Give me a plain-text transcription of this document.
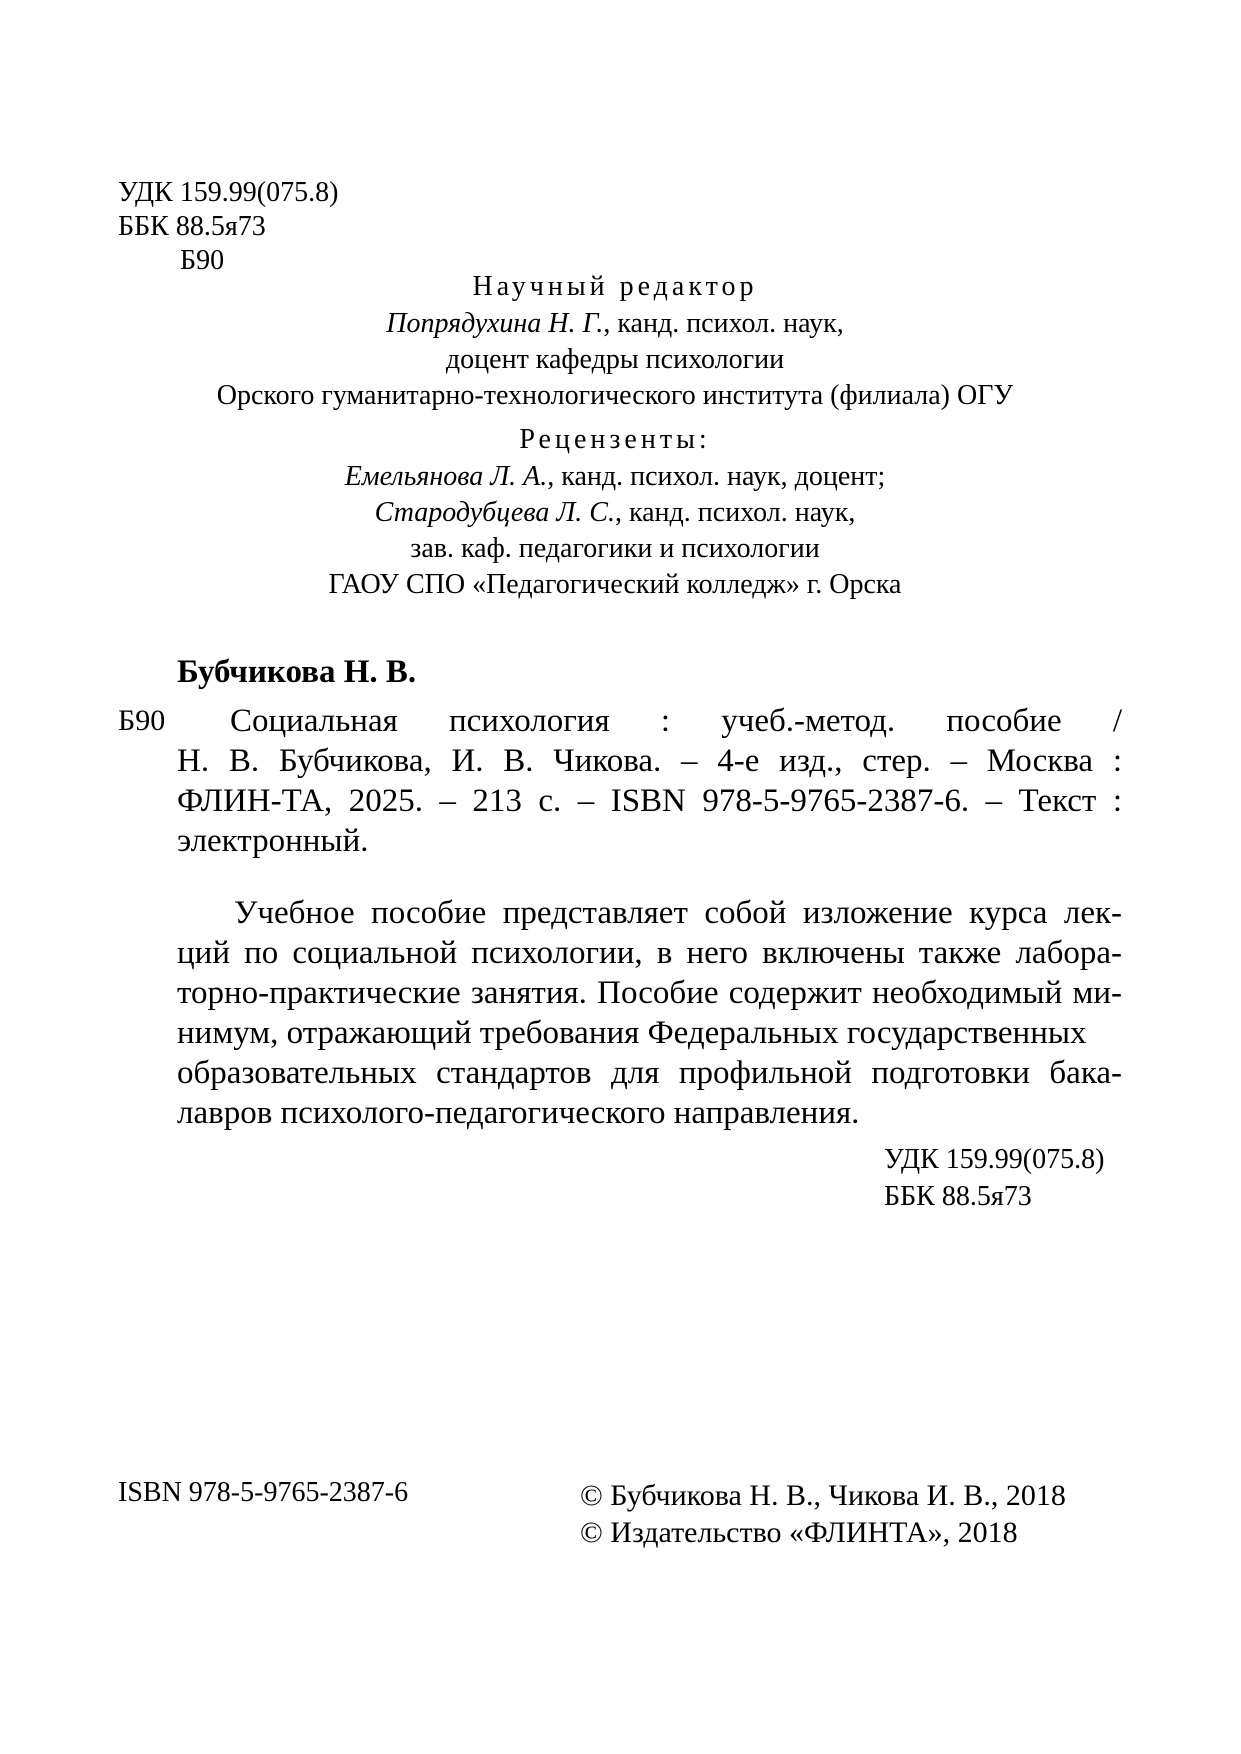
УДК 159.99(075.8)
ББК 88.5я73
Б90
Научный редактор
Попрядухина Н. Г., канд. психол. наук,
доцент кафедры психологии
Орского гуманитарно-технологического института (филиала) ОГУ
Рецензенты:
Емельянова Л. А., канд. психол. наук, доцент;
Стародубцева Л. С., канд. психол. наук,
зав. каф. педагогики и психологии
ГАОУ СПО «Педагогический колледж» г. Орска
Бубчикова Н. В.
Б90 Социальная психология : учеб.-метод. пособие /
Н. В. Бубчикова, И. В. Чикова. – 4-е изд., стер. – Москва :
ФЛИН-ТА, 2025. – 213 с. – ISBN 978-5-9765-2387-6. – Текст :
электронный.
Учебное пособие представляет собой изложение курса лек-
ций по социальной психологии, в него включены также лабора-
торно-практические занятия. Пособие содержит необходимый ми-
нимум, отражающий требования Федеральных государственных
образовательных стандартов для профильной подготовки бака-
лавров психолого-педагогического направления.
УДК 159.99(075.8)
ББК 88.5я73
ISBN 978-5-9765-2387-6	© Бубчикова Н. В., Чикова И. В., 2018
© Издательство «ФЛИНТА», 2018
